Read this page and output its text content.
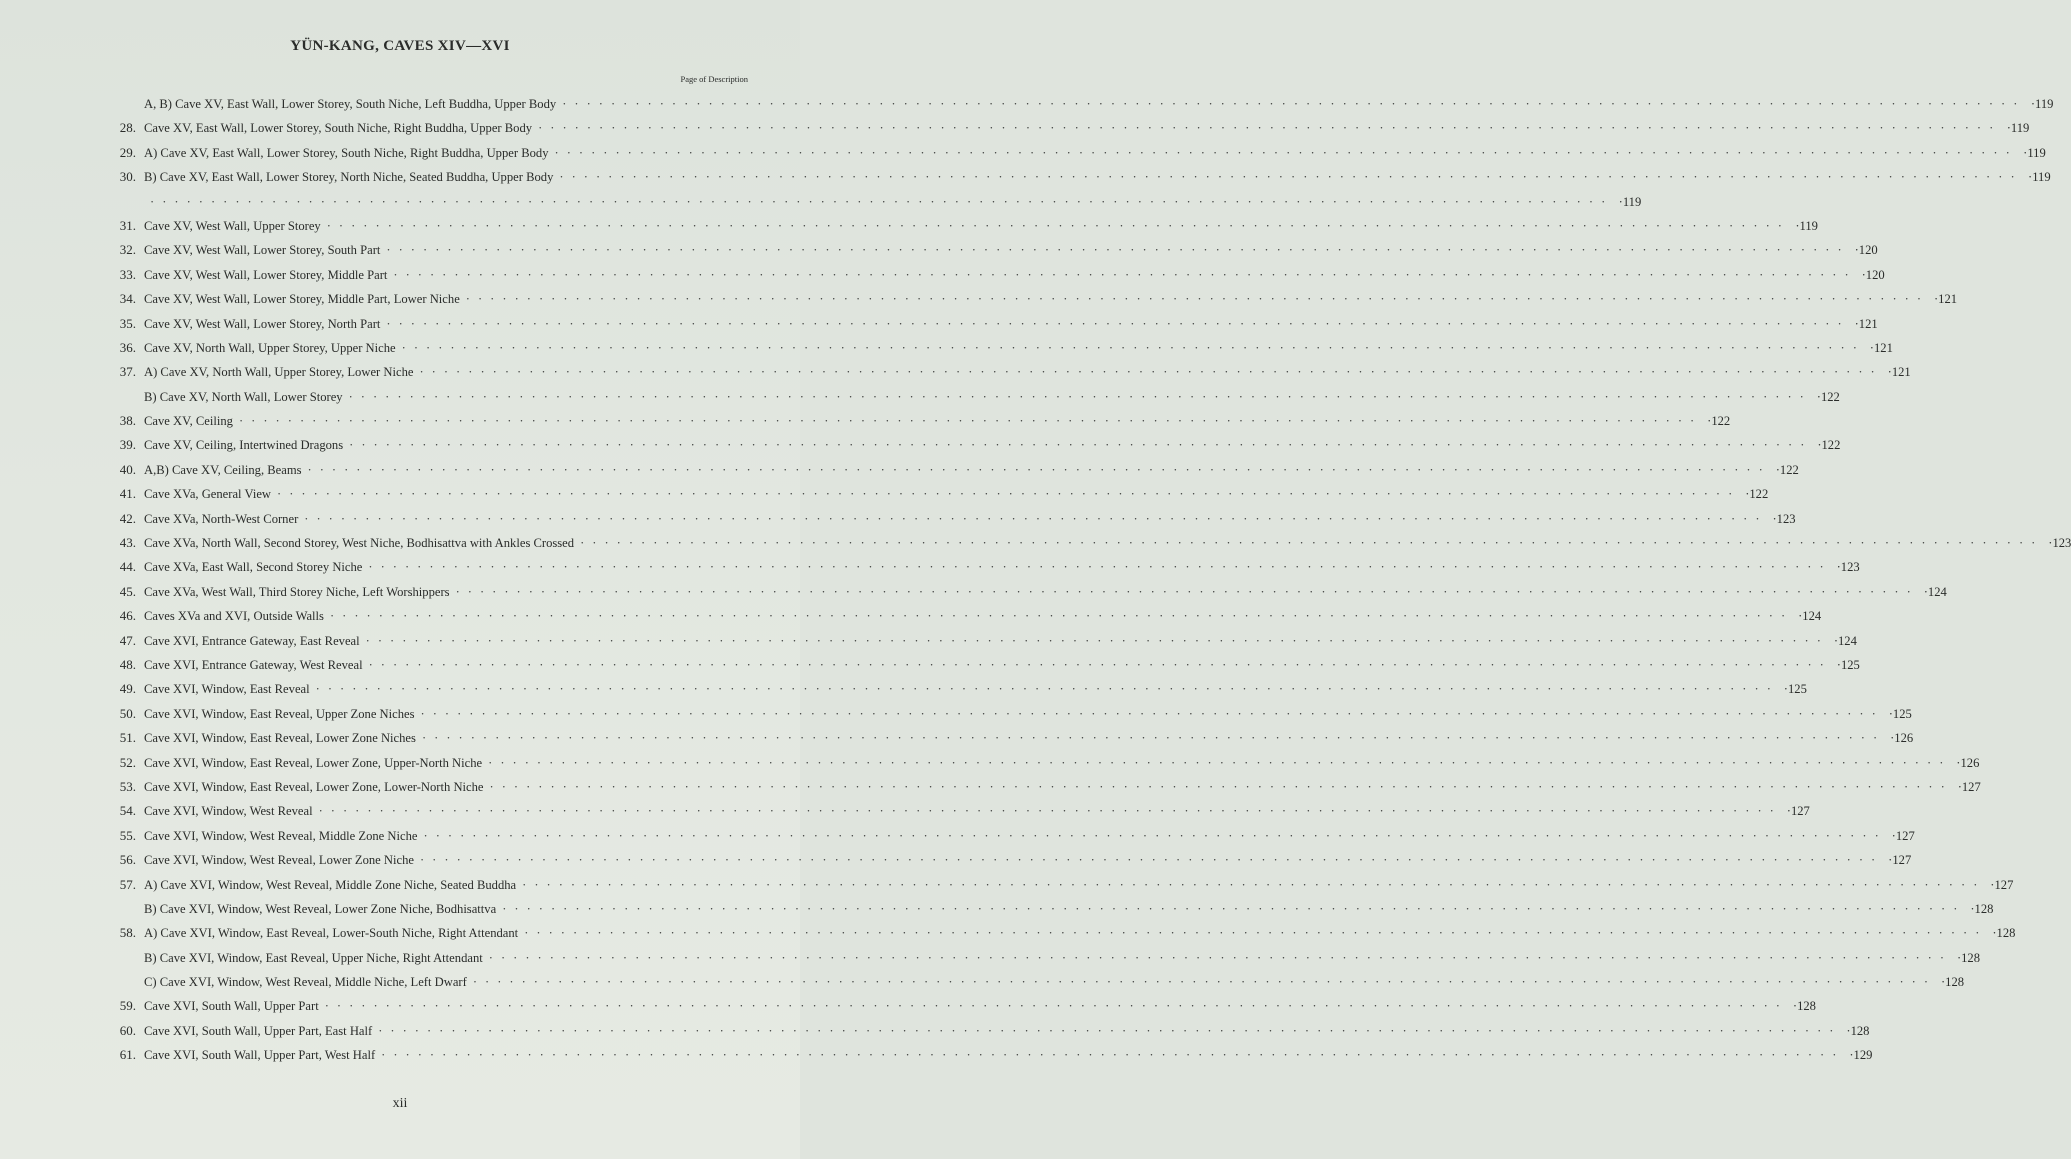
YÜN-KANG, CAVES XIV—XVI
Page of Description
A, B) Cave XV, East Wall, Lower Storey, South Niche, Left Buddha, Upper Body ························································································································ ·119
28. Cave XV, East Wall, Lower Storey, South Niche, Right Buddha, Upper Body ························································································································ ·119
29. A) Cave XV, East Wall, Lower Storey, South Niche, Right Buddha, Upper Body ························································································································ ·119
30. B) Cave XV, East Wall, Lower Storey, North Niche, Seated Buddha, Upper Body ························································································································ ·119
························································································································ ·119
31. Cave XV, West Wall, Upper Storey ························································································································ ·119
32. Cave XV, West Wall, Lower Storey, South Part ························································································································ ·120
33. Cave XV, West Wall, Lower Storey, Middle Part ························································································································ ·120
34. Cave XV, West Wall, Lower Storey, Middle Part, Lower Niche ························································································································ ·121
35. Cave XV, West Wall, Lower Storey, North Part ························································································································ ·121
36. Cave XV, North Wall, Upper Storey, Upper Niche ························································································································ ·121
37. A) Cave XV, North Wall, Upper Storey, Lower Niche ························································································································ ·121
B) Cave XV, North Wall, Lower Storey ························································································································ ·122
38. Cave XV, Ceiling ························································································································ ·122
39. Cave XV, Ceiling, Intertwined Dragons ························································································································ ·122
40. A,B) Cave XV, Ceiling, Beams ························································································································ ·122
41. Cave XVa, General View ························································································································ ·122
42. Cave XVa, North-West Corner ························································································································ ·123
43. Cave XVa, North Wall, Second Storey, West Niche, Bodhisattva with Ankles Crossed ························································································································ ·123
44. Cave XVa, East Wall, Second Storey Niche ························································································································ ·123
45. Cave XVa, West Wall, Third Storey Niche, Left Worshippers ························································································································ ·124
46. Caves XVa and XVI, Outside Walls ························································································································ ·124
47. Cave XVI, Entrance Gateway, East Reveal ························································································································ ·124
48. Cave XVI, Entrance Gateway, West Reveal ························································································································ ·125
49. Cave XVI, Window, East Reveal ························································································································ ·125
50. Cave XVI, Window, East Reveal, Upper Zone Niches ························································································································ ·125
51. Cave XVI, Window, East Reveal, Lower Zone Niches ························································································································ ·126
52. Cave XVI, Window, East Reveal, Lower Zone, Upper-North Niche ························································································································ ·126
53. Cave XVI, Window, East Reveal, Lower Zone, Lower-North Niche ························································································································ ·127
54. Cave XVI, Window, West Reveal ························································································································ ·127
55. Cave XVI, Window, West Reveal, Middle Zone Niche ························································································································ ·127
56. Cave XVI, Window, West Reveal, Lower Zone Niche ························································································································ ·127
57. A) Cave XVI, Window, West Reveal, Middle Zone Niche, Seated Buddha ························································································································ ·127
B) Cave XVI, Window, West Reveal, Lower Zone Niche, Bodhisattva ························································································································ ·128
58. A) Cave XVI, Window, East Reveal, Lower-South Niche, Right Attendant ························································································································ ·128
B) Cave XVI, Window, East Reveal, Upper Niche, Right Attendant ························································································································ ·128
C) Cave XVI, Window, West Reveal, Middle Niche, Left Dwarf ························································································································ ·128
59. Cave XVI, South Wall, Upper Part ························································································································ ·128
60. Cave XVI, South Wall, Upper Part, East Half ························································································································ ·128
61. Cave XVI, South Wall, Upper Part, West Half ························································································································ ·129
xii
